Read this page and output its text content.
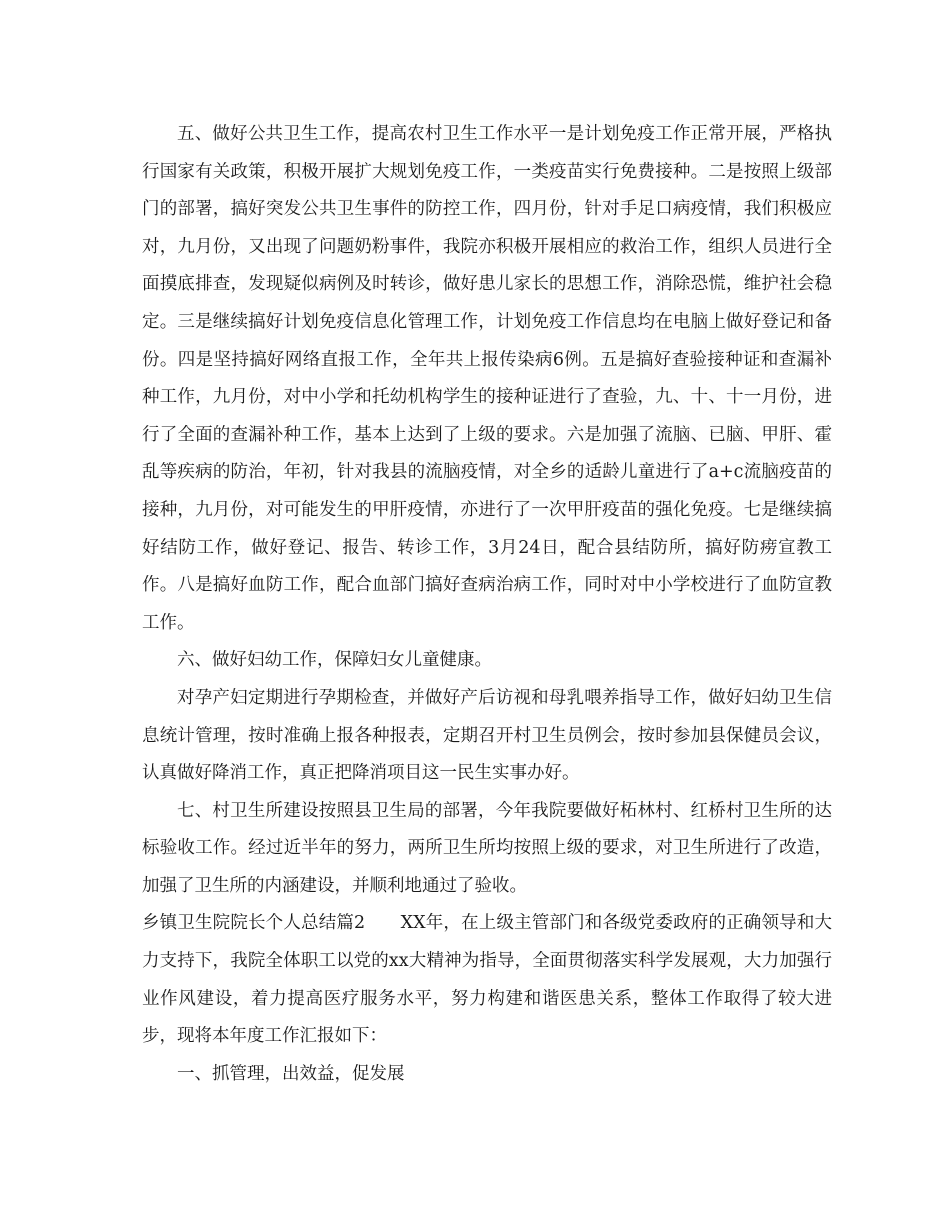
五、做好公共卫生工作，提高农村卫生工作水平一是计划免疫工作正常开展，严格执行国家有关政策，积极开展扩大规划免疫工作，一类疫苗实行免费接种。二是按照上级部门的部署，搞好突发公共卫生事件的防控工作，四月份，针对手足口病疫情，我们积极应对，九月份，又出现了问题奶粉事件，我院亦积极开展相应的救治工作，组织人员进行全面摸底排查，发现疑似病例及时转诊，做好患儿家长的思想工作，消除恐慌，维护社会稳定。三是继续搞好计划免疫信息化管理工作，计划免疫工作信息均在电脑上做好登记和备份。四是坚持搞好网络直报工作，全年共上报传染病6例。五是搞好查验接种证和查漏补种工作，九月份，对中小学和托幼机构学生的接种证进行了查验，九、十、十一月份，进行了全面的查漏补种工作，基本上达到了上级的要求。六是加强了流脑、已脑、甲肝、霍乱等疾病的防治，年初，针对我县的流脑疫情，对全乡的适龄儿童进行了a+c流脑疫苗的接种，九月份，对可能发生的甲肝疫情，亦进行了一次甲肝疫苗的强化免疫。七是继续搞好结防工作，做好登记、报告、转诊工作，3月24日，配合县结防所，搞好防痨宣教工作。八是搞好血防工作，配合血部门搞好查病治病工作，同时对中小学校进行了血防宣教工作。

六、做好妇幼工作，保障妇女儿童健康。

对孕产妇定期进行孕期检查，并做好产后访视和母乳喂养指导工作，做好妇幼卫生信息统计管理，按时准确上报各种报表，定期召开村卫生员例会，按时参加县保健员会议，认真做好降消工作，真正把降消项目这一民生实事办好。

七、村卫生所建设按照县卫生局的部署，今年我院要做好柘林村、红桥村卫生所的达标验收工作。经过近半年的努力，两所卫生所均按照上级的要求，对卫生所进行了改造，加强了卫生所的内涵建设，并顺利地通过了验收。

乡镇卫生院院长个人总结篇2　　XX年，在上级主管部门和各级党委政府的正确领导和大力支持下，我院全体职工以党的xx大精神为指导，全面贯彻落实科学发展观，大力加强行业作风建设，着力提高医疗服务水平，努力构建和谐医患关系，整体工作取得了较大进步，现将本年度工作汇报如下：

一、抓管理，出效益，促发展
